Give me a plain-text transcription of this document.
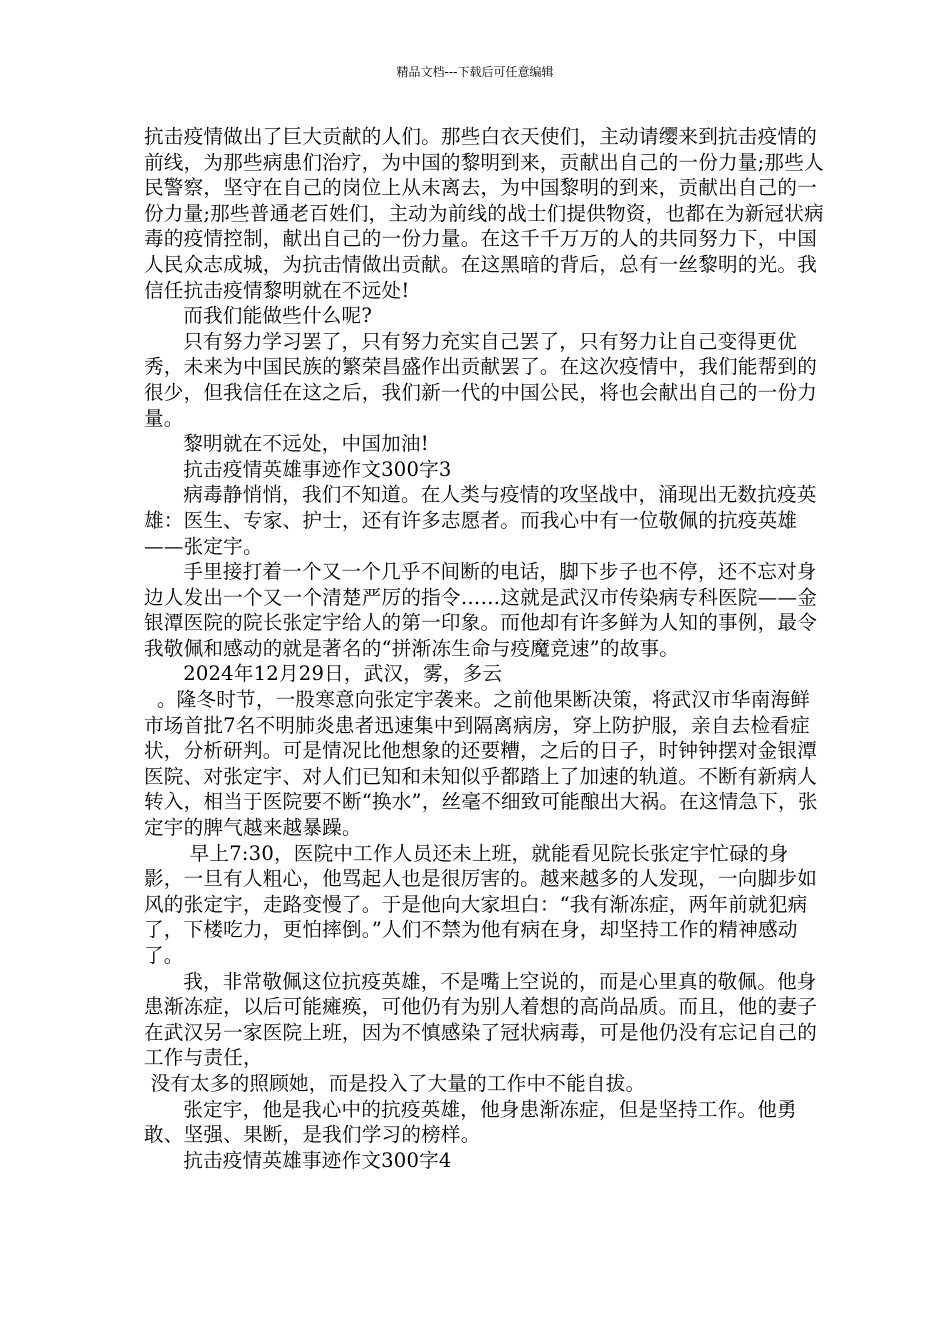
精品文档---下载后可任意编辑

抗击疫情做出了巨大贡献的人们。那些白衣天使们，主动请缨来到抗击疫情的前线，为那些病患们治疗，为中国的黎明到来，贡献出自己的一份力量;那些人民警察，坚守在自己的岗位上从未离去，为中国黎明的到来，贡献出自己的一份力量;那些普通老百姓们，主动为前线的战士们提供物资，也都在为新冠状病毒的疫情控制，献出自己的一份力量。在这千千万万的人的共同努力下，中国人民众志成城，为抗击情做出贡献。在这黑暗的背后，总有一丝黎明的光。我信任抗击疫情黎明就在不远处!

而我们能做些什么呢?

只有努力学习罢了，只有努力充实自己罢了，只有努力让自己变得更优秀，未来为中国民族的繁荣昌盛作出贡献罢了。在这次疫情中，我们能帮到的很少，但我信任在这之后，我们新一代的中国公民，将也会献出自己的一份力量。

黎明就在不远处，中国加油!

抗击疫情英雄事迹作文300字3

病毒静悄悄，我们不知道。在人类与疫情的攻坚战中，涌现出无数抗疫英雄：医生、专家、护士，还有许多志愿者。而我心中有一位敬佩的抗疫英雄——张定宇。

手里接打着一个又一个几乎不间断的电话，脚下步子也不停，还不忘对身边人发出一个又一个清楚严厉的指令……这就是武汉市传染病专科医院——金银潭医院的院长张定宇给人的第一印象。而他却有许多鲜为人知的事例，最令我敬佩和感动的就是著名的“拼渐冻生命与疫魔竞速”的故事。

2024年12月29日，武汉，雾，多云

。隆冬时节，一股寒意向张定宇袭来。之前他果断决策，将武汉市华南海鲜市场首批7名不明肺炎患者迅速集中到隔离病房，穿上防护服，亲自去检看症状，分析研判。可是情况比他想象的还要糟，之后的日子，时钟钟摆对金银潭医院、对张定宇、对人们已知和未知似乎都踏上了加速的轨道。不断有新病人转入，相当于医院要不断“换水”，丝毫不细致可能酿出大祸。在这情急下，张定宇的脾气越来越暴躁。

早上7:30，医院中工作人员还未上班，就能看见院长张定宇忙碌的身影，一旦有人粗心，他骂起人也是很厉害的。越来越多的人发现，一向脚步如风的张定宇，走路变慢了。于是他向大家坦白：“我有渐冻症，两年前就犯病了，下楼吃力，更怕摔倒。”人们不禁为他有病在身，却坚持工作的精神感动了。

我，非常敬佩这位抗疫英雄，不是嘴上空说的，而是心里真的敬佩。他身患渐冻症，以后可能瘫痪，可他仍有为别人着想的高尚品质。而且，他的妻子在武汉另一家医院上班，因为不慎感染了冠状病毒，可是他仍没有忘记自己的工作与责任，

没有太多的照顾她，而是投入了大量的工作中不能自拔。

张定宇，他是我心中的抗疫英雄，他身患渐冻症，但是坚持工作。他勇敢、坚强、果断，是我们学习的榜样。

抗击疫情英雄事迹作文300字4
